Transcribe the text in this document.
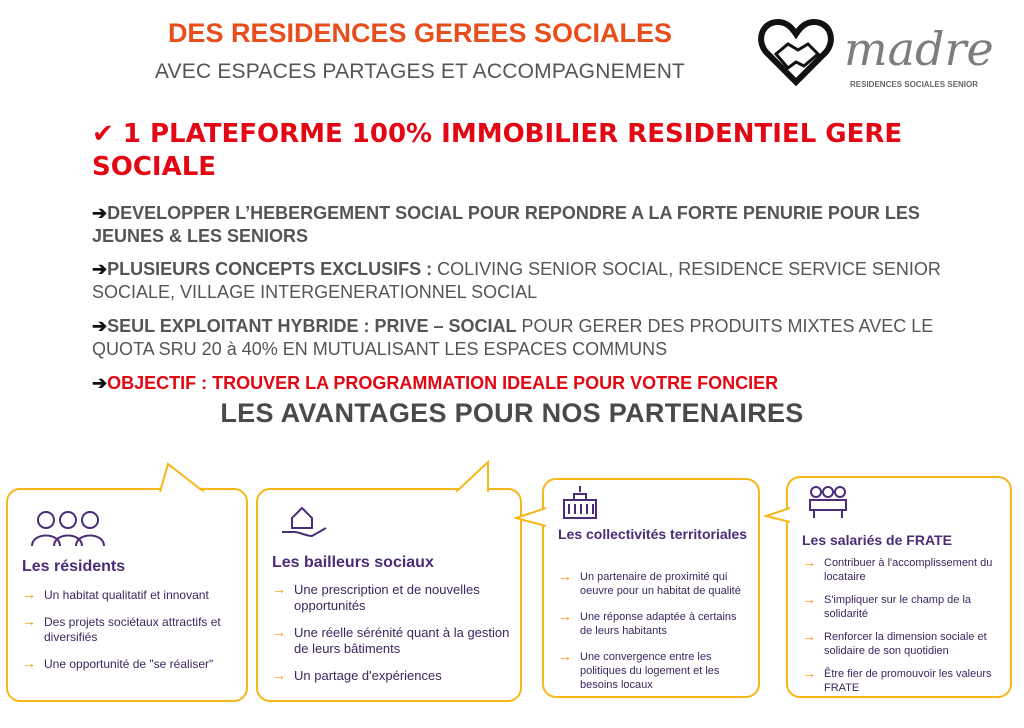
DES RESIDENCES GEREES SOCIALES
AVEC ESPACES PARTAGES ET ACCOMPAGNEMENT	madre
RESIDENCES SOCIALES SENIOR
✔ 1 PLATEFORME 100% IMMOBILIER RESIDENTIEL GERE SOCIALE
➔DEVELOPPER L’HEBERGEMENT SOCIAL POUR REPONDRE A LA FORTE PENURIE POUR LES JEUNES & LES SENIORS
➔PLUSIEURS CONCEPTS EXCLUSIFS : COLIVING SENIOR SOCIAL, RESIDENCE SERVICE SENIOR SOCIALE, VILLAGE INTERGENERATIONNEL SOCIAL
➔SEUL EXPLOITANT HYBRIDE : PRIVE – SOCIAL POUR GERER DES PRODUITS MIXTES AVEC LE QUOTA SRU 20 à 40% EN MUTUALISANT LES ESPACES COMMUNS
➔OBJECTIF : TROUVER LA PROGRAMMATION IDEALE POUR VOTRE FONCIER
LES AVANTAGES POUR NOS PARTENAIRES
Les résidents
→ Un habitat qualitatif et innovant
→ Des projets sociétaux attractifs et diversifiés
→ Une opportunité de "se réaliser"
Les bailleurs sociaux
→ Une prescription et de nouvelles opportunités
→ Une réelle sérénité quant à la gestion de leurs bâtiments
→ Un partage d'expériences
Les collectivités territoriales
→ Un partenaire de proximité qui oeuvre pour un habitat de qualité
→ Une réponse adaptée à certains de leurs habitants
→ Une convergence entre les politiques du logement et les besoins locaux
Les salariés de FRATE
→ Contribuer à l'accomplissement du locataire
→ S'impliquer sur le champ de la solidarité
→ Renforcer la dimension sociale et solidaire de son quotidien
→ Être fier de promouvoir les valeurs FRATE
